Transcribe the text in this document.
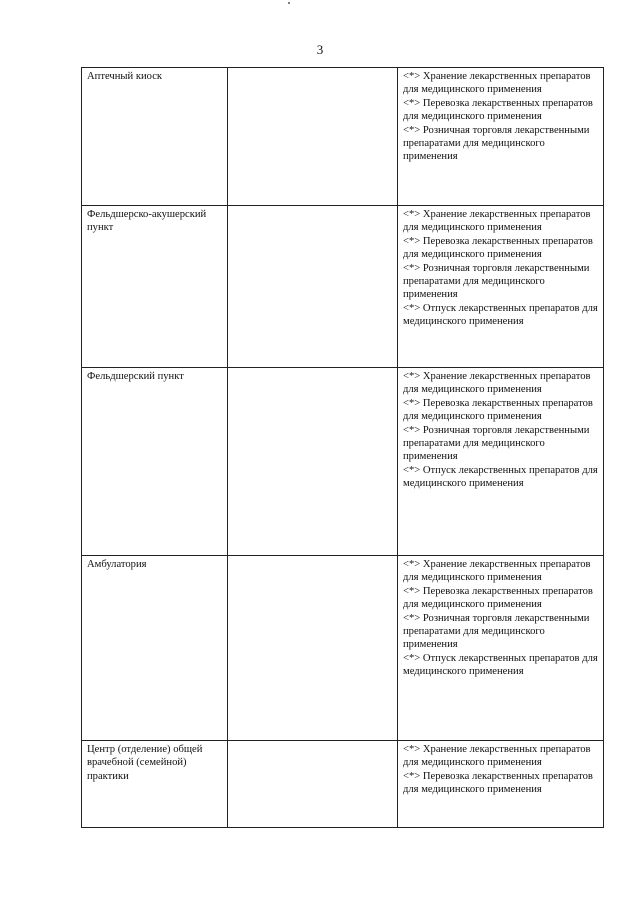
3
Аптечный киоск		<*> Хранение лекарственных препаратов для медицинского применения
<*> Перевозка лекарственных препаратов для медицинского применения
<*> Розничная торговля лекарственными препаратами для медицинского применения

Фельдшерско-акушерский пункт		<*> Хранение лекарственных препаратов для медицинского применения
<*> Перевозка лекарственных препаратов для медицинского применения
<*> Розничная торговля лекарственными препаратами для медицинского применения
<*> Отпуск лекарственных препаратов для медицинского применения

Фельдшерский пункт		<*> Хранение лекарственных препаратов для медицинского применения
<*> Перевозка лекарственных препаратов для медицинского применения
<*> Розничная торговля лекарственными препаратами для медицинского применения
<*> Отпуск лекарственных препаратов для медицинского применения

Амбулатория		<*> Хранение лекарственных препаратов для медицинского применения
<*> Перевозка лекарственных препаратов для медицинского применения
<*> Розничная торговля лекарственными препаратами для медицинского применения
<*> Отпуск лекарственных препаратов для медицинского применения

Центр (отделение) общей врачебной (семейной) практики		<*> Хранение лекарственных препаратов для медицинского применения
<*> Перевозка лекарственных препаратов для медицинского применения
